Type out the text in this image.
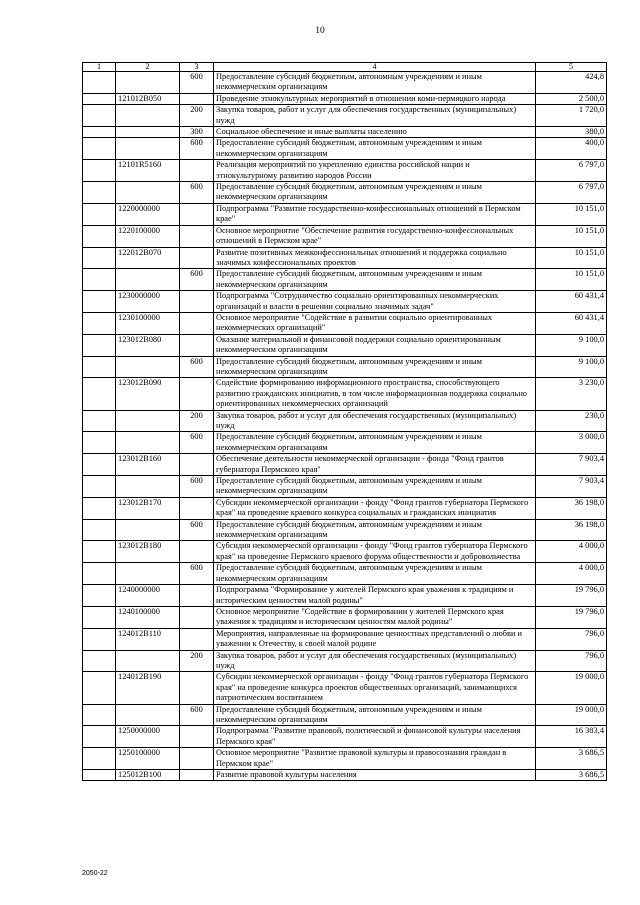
10
1	2	3	4	5
		600	Предоставление субсидий бюджетным, автономным учреждениям и иным некоммерческим организациям	424,8
	121012В050		Проведение этнокультурных мероприятий в отношении коми-пермяцкого народа	2 500,0
		200	Закупка товаров, работ и услуг для обеспечения государственных (муниципальных) нужд	1 720,0
		300	Социальное обеспечение и иные выплаты населению	380,0
		600	Предоставление субсидий бюджетным, автономным учреждениям и иным некоммерческим организациям	400,0
	12101R5160		Реализация мероприятий по укреплению единства российской нации и этнокультурному развитию народов России	6 797,0
		600	Предоставление субсидий бюджетным, автономным учреждениям и иным некоммерческим организациям	6 797,0
	1220000000		Подпрограмма "Развитие государственно-конфессиональных отношений в Пермском крае"	10 151,0
	1220100000		Основное мероприятие "Обеспечение развития государственно-конфессиональных отношений в Пермском крае"	10 151,0
	122012В070		Развитие позитивных межконфессиональных отношений и поддержка социально значимых конфессиональных проектов	10 151,0
		600	Предоставление субсидий бюджетным, автономным учреждениям и иным некоммерческим организациям	10 151,0
	1230000000		Подпрограмма "Сотрудничество социально ориентированных некоммерческих организаций и власти в решении социально значимых задач"	60 431,4
	1230100000		Основное мероприятие "Содействие в развитии социально ориентированных некоммерческих организаций"	60 431,4
	123012В080		Оказание материальной и финансовой поддержки социально ориентированным некоммерческим организациям	9 100,0
		600	Предоставление субсидий бюджетным, автономным учреждениям и иным некоммерческим организациям	9 100,0
	123012В090		Содействие формированию информационного пространства, способствующего развитию гражданских инициатив, в том числе информационная поддержка социально ориентированных некоммерческих организаций	3 230,0
		200	Закупка товаров, работ и услуг для обеспечения государственных (муниципальных) нужд	230,0
		600	Предоставление субсидий бюджетным, автономным учреждениям и иным некоммерческим организациям	3 000,0
	123012В160		Обеспечение деятельности некоммерческой организации - фонда "Фонд грантов губернатора Пермского края"	7 903,4
		600	Предоставление субсидий бюджетным, автономным учреждениям и иным некоммерческим организациям	7 903,4
	123012В170		Субсидии некоммерческой организации - фонду "Фонд грантов губернатора Пермского края" на проведение краевого конкурса социальных и гражданских инициатив	36 198,0
		600	Предоставление субсидий бюджетным, автономным учреждениям и иным некоммерческим организациям	36 198,0
	123012В180		Субсидия некоммерческой организации - фонду "Фонд грантов губернатора Пермского края" на проведение Пермского краевого форума общественности и добровольчества	4 000,0
		600	Предоставление субсидий бюджетным, автономным учреждениям и иным некоммерческим организациям	4 000,0
	1240000000		Подпрограмма "Формирование у жителей Пермского края уважения к традициям и историческим ценностям малой родины"	19 796,0
	1240100000		Основное мероприятие "Содействие в формировании у жителей Пермского края уважения к традициям и историческим ценностям малой родины"	19 796,0
	124012В110		Мероприятия, направленные на формирование ценностных представлений о любви и уважении к Отечеству, к своей малой родине	796,0
		200	Закупка товаров, работ и услуг для обеспечения государственных (муниципальных) нужд	796,0
	124012В190		Субсидии некоммерческой организации - фонду "Фонд грантов губернатора Пермского края" на проведение конкурса проектов общественных организаций, занимающихся патриотическим воспитанием	19 000,0
		600	Предоставление субсидий бюджетным, автономным учреждениям и иным некоммерческим организациям	19 000,0
	1250000000		Подпрограмма "Развитие правовой, политической и финансовой культуры населения Пермского края"	16 383,4
	1250100000		Основное мероприятие "Развитие правовой культуры и правосознания граждан в Пермском крае"	3 686,5
	125012В100		Развитие правовой культуры населения	3 686,5
2050-22
